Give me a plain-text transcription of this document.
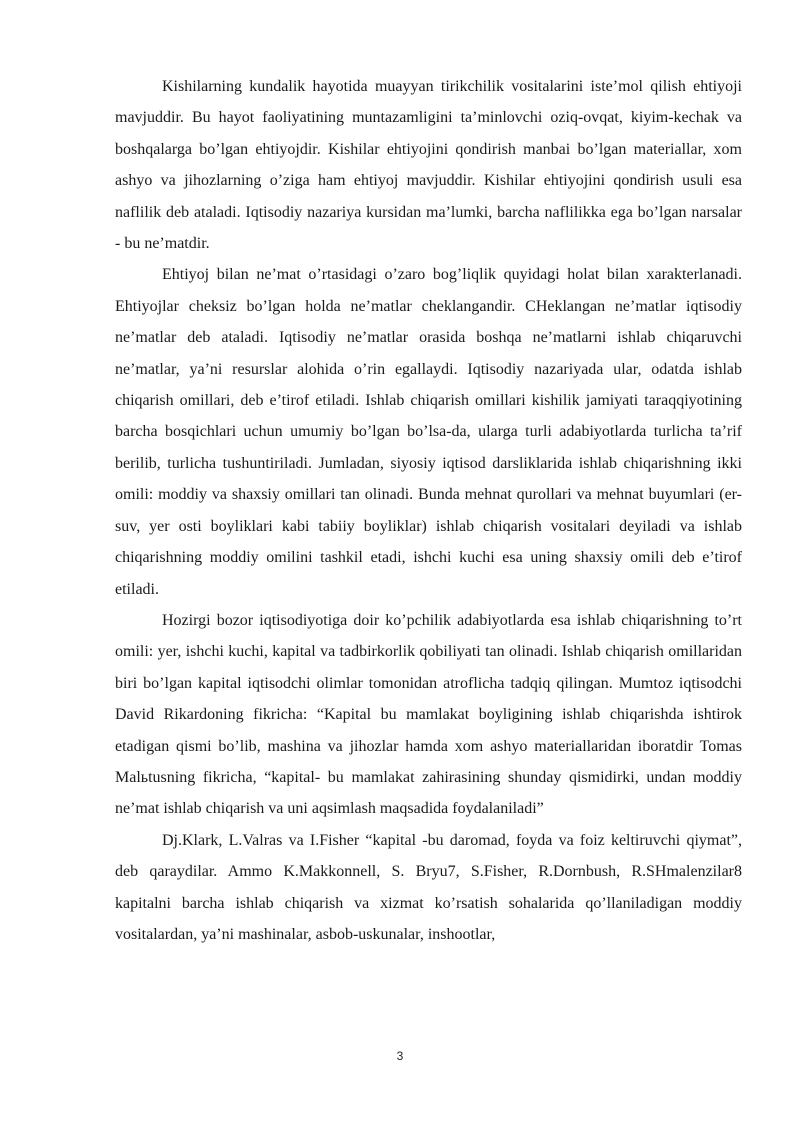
Kishilarning kundalik hayotida muayyan tirikchilik vositalarini iste’mol qilish ehtiyoji mavjuddir. Bu hayot faoliyatining muntazamligini ta’minlovchi oziq-ovqat, kiyim-kechak va boshqalarga bo’lgan ehtiyojdir. Kishilar ehtiyojini qondirish manbai bo’lgan materiallar, xom ashyo va jihozlarning o’ziga ham ehtiyoj mavjuddir. Kishilar ehtiyojini qondirish usuli esa naflilik deb ataladi. Iqtisodiy nazariya kursidan ma’lumki, barcha naflilikka ega bo’lgan narsalar - bu ne’matdir.

Ehtiyoj bilan ne’mat o’rtasidagi o’zaro bog’liqlik quyidagi holat bilan xarakterlanadi. Ehtiyojlar cheksiz bo’lgan holda ne’matlar cheklangandir. CHeklangan ne’matlar iqtisodiy ne’matlar deb ataladi. Iqtisodiy ne’matlar orasida boshqa ne’matlarni ishlab chiqaruvchi ne’matlar, ya’ni resurslar alohida o’rin egallaydi. Iqtisodiy nazariyada ular, odatda ishlab chiqarish omillari, deb e’tirof etiladi. Ishlab chiqarish omillari kishilik jamiyati taraqqiyotining barcha bosqichlari uchun umumiy bo’lgan bo’lsa-da, ularga turli adabiyotlarda turlicha ta’rif berilib, turlicha tushuntiriladi. Jumladan, siyosiy iqtisod darsliklarida ishlab chiqarishning ikki omili: moddiy va shaxsiy omillari tan olinadi. Bunda mehnat qurollari va mehnat buyumlari (er-suv, yer osti boyliklari kabi tabiiy boyliklar) ishlab chiqarish vositalari deyiladi va ishlab chiqarishning moddiy omilini tashkil etadi, ishchi kuchi esa uning shaxsiy omili deb e’tirof etiladi.

Hozirgi bozor iqtisodiyotiga doir ko’pchilik adabiyotlarda esa ishlab chiqarishning to’rt omili: yer, ishchi kuchi, kapital va tadbirkorlik qobiliyati tan olinadi. Ishlab chiqarish omillaridan biri bo’lgan kapital iqtisodchi olimlar tomonidan atroflicha tadqiq qilingan. Mumtoz iqtisodchi David Rikardoning fikricha: “Kapital bu mamlakat boyligining ishlab chiqarishda ishtirok etadigan qismi bo’lib, mashina va jihozlar hamda xom ashyo materiallaridan iboratdir Tomas Malьtusning fikricha, “kapital- bu mamlakat zahirasining shunday qismidirki, undan moddiy ne’mat ishlab chiqarish va uni aqsimlash maqsadida foydalaniladi”

Dj.Klark, L.Valras va I.Fisher “kapital -bu daromad, foyda va foiz keltiruvchi qiymat”, deb qaraydilar. Ammo K.Makkonnell, S. Bryu7, S.Fisher, R.Dornbush, R.SHmalenzilar8 kapitalni barcha ishlab chiqarish va xizmat ko’rsatish sohalarida qo’llaniladigan moddiy vositalardan, ya’ni mashinalar, asbob-uskunalar, inshootlar,

3
